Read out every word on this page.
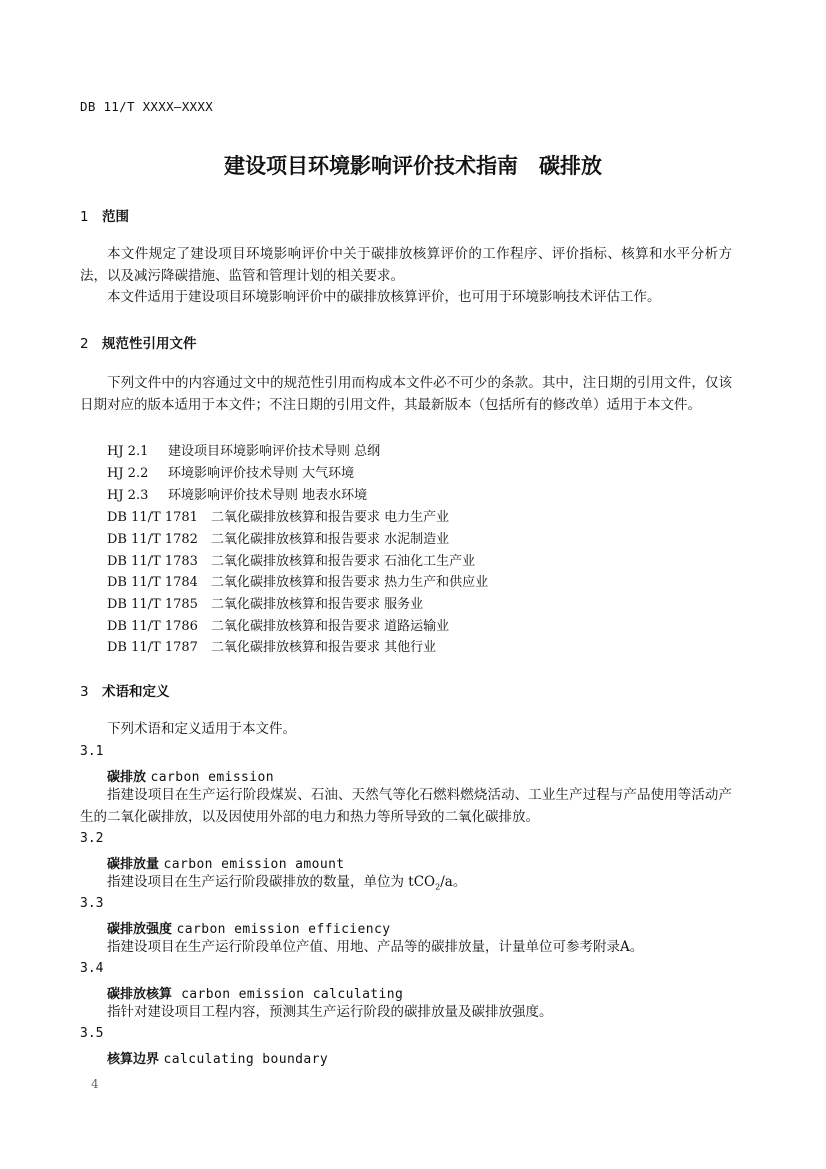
DB 11/T XXXX—XXXX
建设项目环境影响评价技术指南　碳排放
1 范围
本文件规定了建设项目环境影响评价中关于碳排放核算评价的工作程序、评价指标、核算和水平分析方法，以及减污降碳措施、监管和管理计划的相关要求。
本文件适用于建设项目环境影响评价中的碳排放核算评价，也可用于环境影响技术评估工作。
2 规范性引用文件
下列文件中的内容通过文中的规范性引用而构成本文件必不可少的条款。其中，注日期的引用文件，仅该日期对应的版本适用于本文件；不注日期的引用文件，其最新版本（包括所有的修改单）适用于本文件。
HJ 2.1 建设项目环境影响评价技术导则 总纲
HJ 2.2 环境影响评价技术导则 大气环境
HJ 2.3 环境影响评价技术导则 地表水环境
DB 11/T 1781 二氧化碳排放核算和报告要求 电力生产业
DB 11/T 1782 二氧化碳排放核算和报告要求 水泥制造业
DB 11/T 1783 二氧化碳排放核算和报告要求 石油化工生产业
DB 11/T 1784 二氧化碳排放核算和报告要求 热力生产和供应业
DB 11/T 1785 二氧化碳排放核算和报告要求 服务业
DB 11/T 1786 二氧化碳排放核算和报告要求 道路运输业
DB 11/T 1787 二氧化碳排放核算和报告要求 其他行业
3 术语和定义
下列术语和定义适用于本文件。
3.1
碳排放 carbon emission
指建设项目在生产运行阶段煤炭、石油、天然气等化石燃料燃烧活动、工业生产过程与产品使用等活动产生的二氧化碳排放，以及因使用外部的电力和热力等所导致的二氧化碳排放。
3.2
碳排放量 carbon emission amount
指建设项目在生产运行阶段碳排放的数量，单位为 tCO$_2$/a。
3.3
碳排放强度 carbon emission efficiency
指建设项目在生产运行阶段单位产值、用地、产品等的碳排放量，计量单位可参考附录A。
3.4
碳排放核算 carbon emission calculating
指针对建设项目工程内容，预测其生产运行阶段的碳排放量及碳排放强度。
3.5
核算边界 calculating boundary
4
